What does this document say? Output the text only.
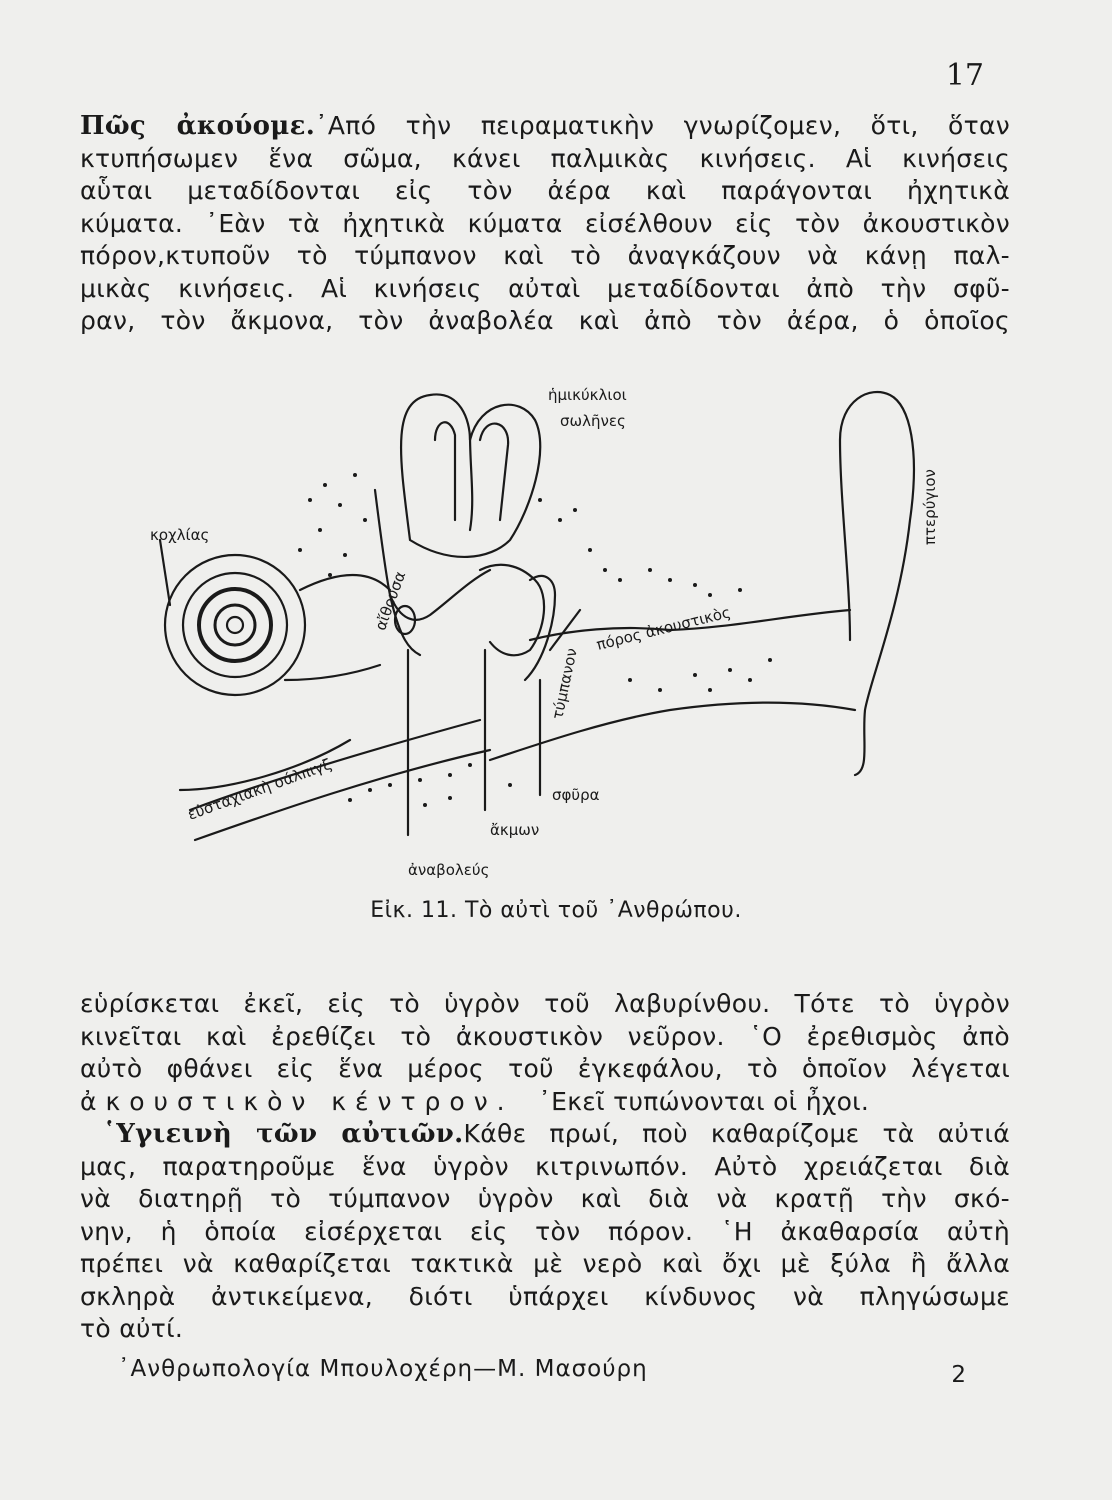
17
Πῶς ἀκούομε.᾿Από τὴν πειραματικὴν γνωρίζομεν, ὅτι, ὅταν
κτυπήσωμεν ἕνα σῶμα, κάνει παλμικὰς κινήσεις. Αἱ κινήσεις
αὗται μεταδίδονται εἰς τὸν ἀέρα καὶ παράγονται ἠχητικὰ
κύματα. ᾿Εὰν τὰ ἠχητικὰ κύματα εἰσέλθουν εἰς τὸν ἀκουστικὸν
πόρον,κτυποῦν τὸ τύμπανον καὶ τὸ ἀναγκάζουν νὰ κάνῃ παλ-
μικὰς κινήσεις. Αἱ κινήσεις αὐταὶ μεταδίδονται ἀπὸ τὴν σφῦ-
ραν, τὸν ἄκμονα, τὸν ἀναβολέα καὶ ἀπὸ τὸν ἀέρα, ὁ ὁποῖος
ἡμικύκλιοι
σωλῆνες
κοχλίας
αἴθουσα
πτερύγιον
πόρος ἀκουστικὸς
τύμπανον
εὐσταχιακὴ σάλπιγξ	σφῦρα
ἄκμων
ἀναβολεύς
Εἰκ. 11. Τὸ αὐτὶ τοῦ ᾿Ανθρώπου.
εὑρίσκεται ἐκεῖ, εἰς τὸ ὑγρὸν τοῦ λαβυρίνθου. Τότε τὸ ὑγρὸν
κινεῖται καὶ ἐρεθίζει τὸ ἀκουστικὸν νεῦρον. ῾Ο ἐρεθισμὸς ἀπὸ
αὐτὸ φθάνει εἰς ἕνα μέρος τοῦ ἐγκεφάλου, τὸ ὁποῖον λέγεται
ἀκουστικὸν κέντρον. ᾿Εκεῖ τυπώνονται οἱ ἦχοι.
῾Υγιεινὴ τῶν αὐτιῶν.Κάθε πρωί, ποὺ καθαρίζομε τὰ αὐτιά
μας, παρατηροῦμε ἕνα ὑγρὸν κιτρινωπόν. Αὐτὸ χρειάζεται διὰ
νὰ διατηρῇ τὸ τύμπανον ὑγρὸν καὶ διὰ νὰ κρατῇ τὴν σκό-
νην, ἡ ὁποία εἰσέρχεται εἰς τὸν πόρον. ῾Η ἀκαθαρσία αὐτὴ
πρέπει νὰ καθαρίζεται τακτικὰ μὲ νερὸ καὶ ὄχι μὲ ξύλα ἢ ἄλλα
σκληρὰ ἀντικείμενα, διότι ὑπάρχει κίνδυνος νὰ πληγώσωμε
τὸ αὐτί.
᾿Ανθρωπολογία Μπουλοχέρη—Μ. Μασούρη	2
